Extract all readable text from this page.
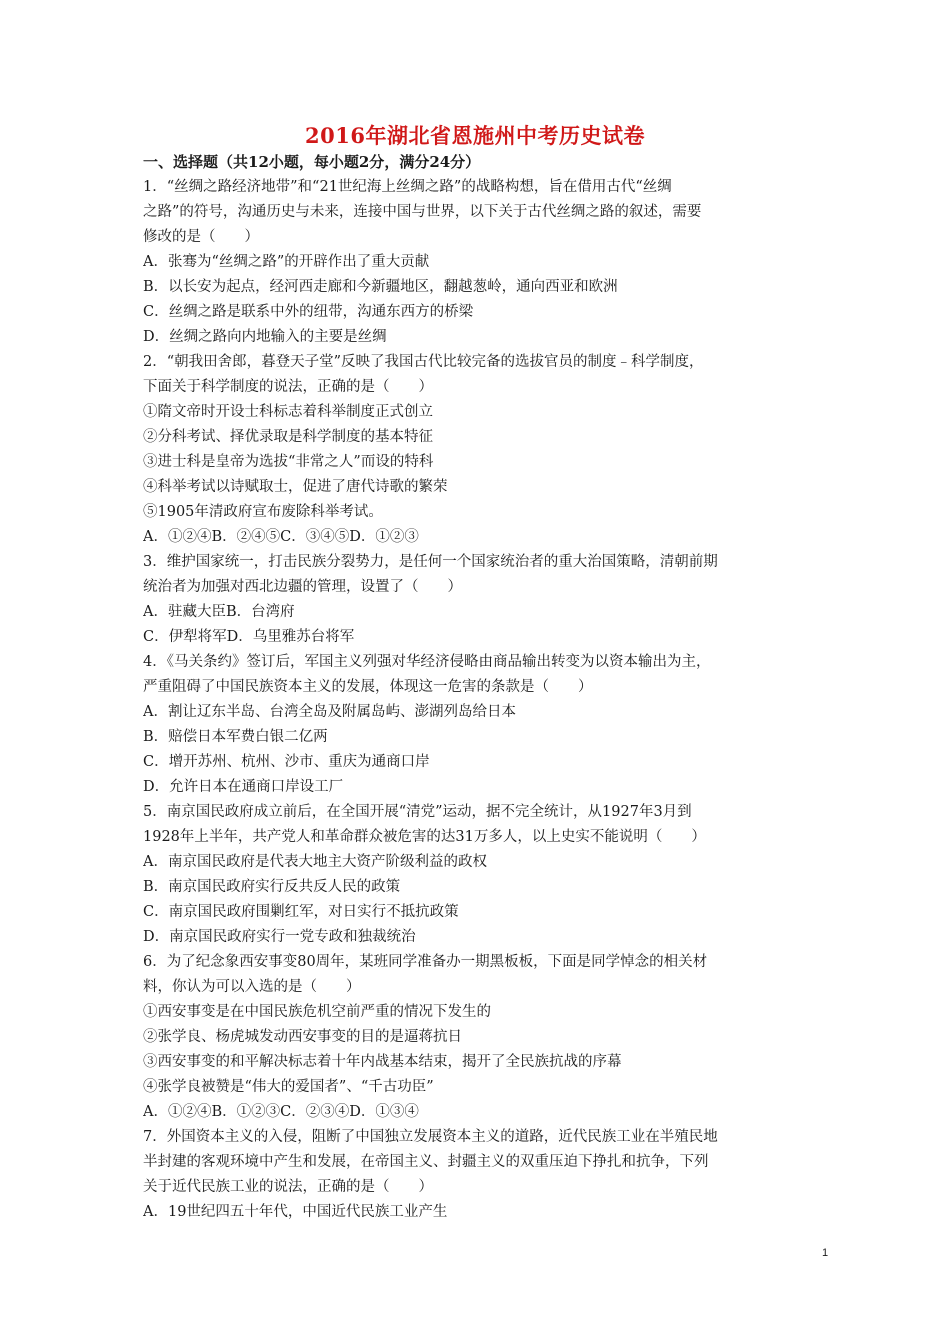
2016年湖北省恩施州中考历史试卷
一、选择题（共12小题，每小题2分，满分24分）
1．“丝绸之路经济地带”和“21世纪海上丝绸之路”的战略构想，旨在借用古代“丝绸
之路”的符号，沟通历史与未来，连接中国与世界，以下关于古代丝绸之路的叙述，需要
修改的是（　　）
A．张骞为“丝绸之路”的开辟作出了重大贡献
B．以长安为起点，经河西走廊和今新疆地区，翻越葱岭，通向西亚和欧洲
C．丝绸之路是联系中外的纽带，沟通东西方的桥梁
D．丝绸之路向内地输入的主要是丝绸
2．“朝我田舍郎，暮登天子堂”反映了我国古代比较完备的选拔官员的制度﹣科学制度，
下面关于科学制度的说法，正确的是（　　）
①隋文帝时开设士科标志着科举制度正式创立
②分科考试、择优录取是科学制度的基本特征
③进士科是皇帝为选拔“非常之人”而设的特科
④科举考试以诗赋取士，促进了唐代诗歌的繁荣
⑤1905年清政府宣布废除科举考试。
A．①②④B．②④⑤C．③④⑤D．①②③
3．维护国家统一，打击民族分裂势力，是任何一个国家统治者的重大治国策略，清朝前期
统治者为加强对西北边疆的管理，设置了（　　）
A．驻藏大臣B．台湾府
C．伊犁将军D．乌里雅苏台将军
4．《马关条约》签订后，军国主义列强对华经济侵略由商品输出转变为以资本输出为主，
严重阻碍了中国民族资本主义的发展，体现这一危害的条款是（　　）
A．割让辽东半岛、台湾全岛及附属岛屿、澎湖列岛给日本
B．赔偿日本军费白银二亿两
C．增开苏州、杭州、沙市、重庆为通商口岸
D．允许日本在通商口岸设工厂
5．南京国民政府成立前后，在全国开展“清党”运动，据不完全统计，从1927年3月到
1928年上半年，共产党人和革命群众被危害的达31万多人，以上史实不能说明（　　）
A．南京国民政府是代表大地主大资产阶级利益的政权
B．南京国民政府实行反共反人民的政策
C．南京国民政府围剿红军，对日实行不抵抗政策
D．南京国民政府实行一党专政和独裁统治
6．为了纪念象西安事变80周年，某班同学准备办一期黑板板，下面是同学悼念的相关材
料，你认为可以入选的是（　　）
①西安事变是在中国民族危机空前严重的情况下发生的
②张学良、杨虎城发动西安事变的目的是逼蒋抗日
③西安事变的和平解决标志着十年内战基本结束，揭开了全民族抗战的序幕
④张学良被赞是“伟大的爱国者”、“千古功臣”
A．①②④B．①②③C．②③④D．①③④
7．外国资本主义的入侵，阻断了中国独立发展资本主义的道路，近代民族工业在半殖民地
半封建的客观环境中产生和发展，在帝国主义、封疆主义的双重压迫下挣扎和抗争，下列
关于近代民族工业的说法，正确的是（　　）
A．19世纪四五十年代，中国近代民族工业产生
1
